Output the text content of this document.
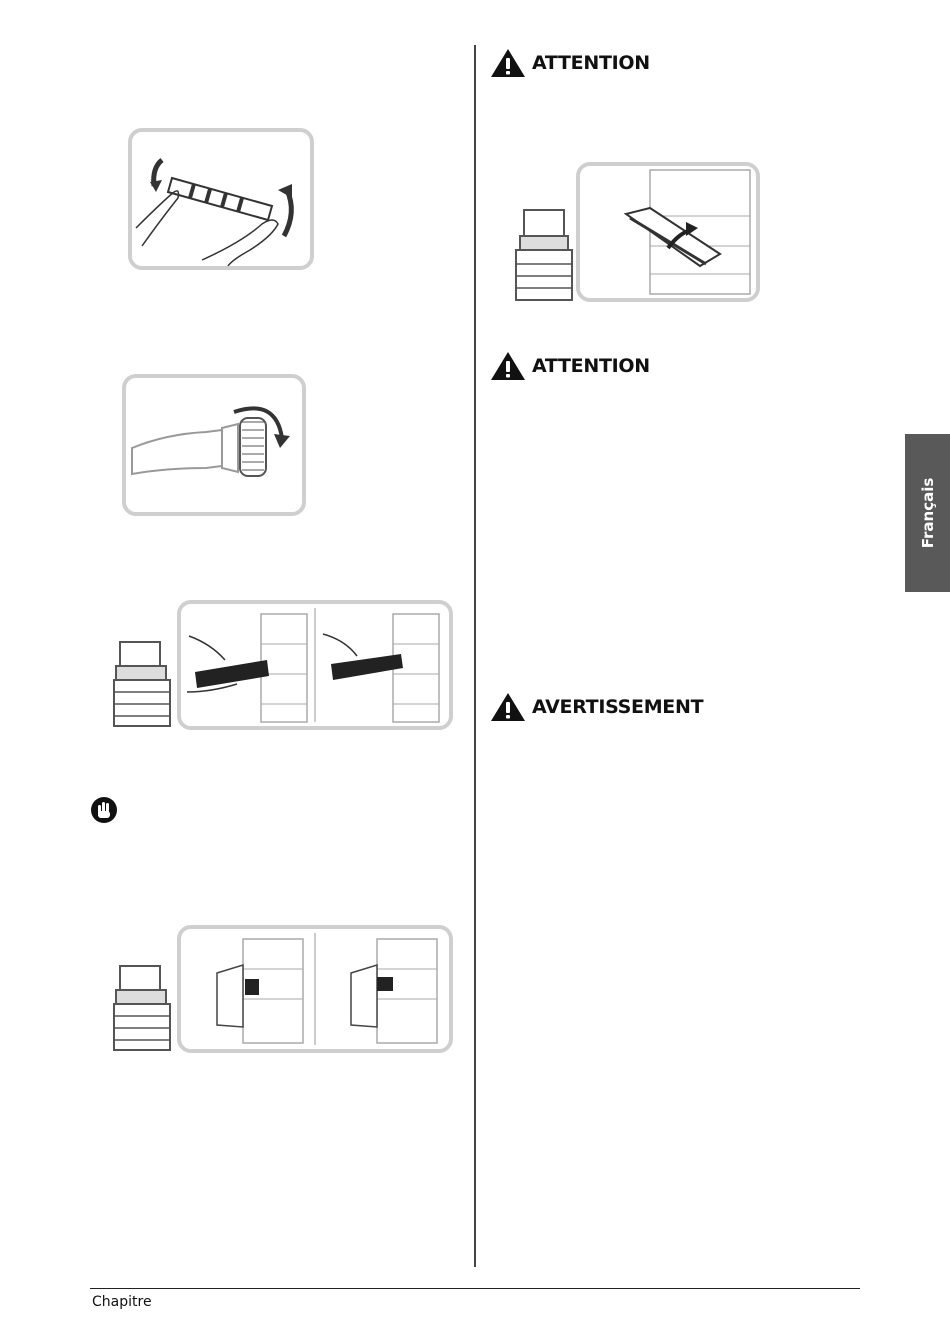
ATTENTION
ATTENTION
AVERTISSEMENT
Français
Chapitre
